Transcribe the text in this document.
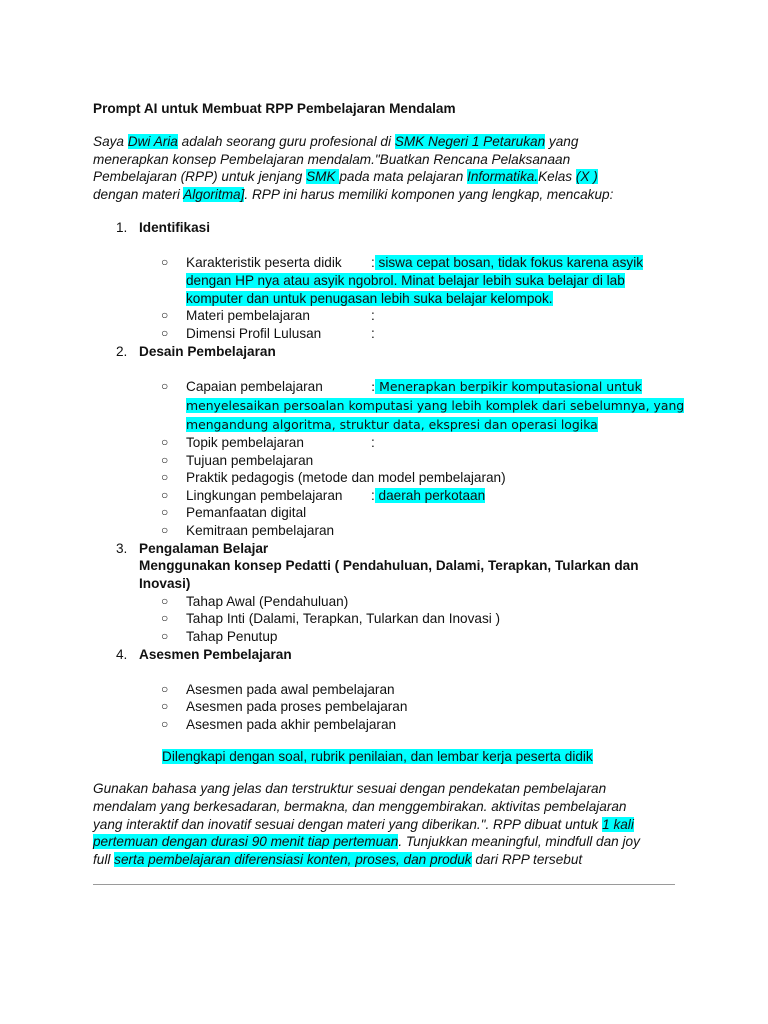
Prompt AI untuk Membuat RPP Pembelajaran Mendalam
Saya Dwi Aria adalah seorang guru profesional di SMK Negeri 1 Petarukan yang
menerapkan konsep Pembelajaran mendalam."Buatkan Rencana Pelaksanaan
Pembelajaran (RPP) untuk jenjang SMK pada mata pelajaran Informatika.Kelas (X )
dengan materi Algoritma]. RPP ini harus memiliki komponen yang lengkap, mencakup:
1. Identifikasi
○ Karakteristik peserta didik : siswa cepat bosan, tidak fokus karena asyik
dengan HP nya atau asyik ngobrol. Minat belajar lebih suka belajar di lab
komputer dan untuk penugasan lebih suka belajar kelompok.
○ Materi pembelajaran	:
○ Dimensi Profil Lulusan	:
2. Desain Pembelajaran
○ Capaian pembelajaran	: Menerapkan berpikir komputasional untuk
menyelesaikan persoalan komputasi yang lebih komplek dari sebelumnya, yang
mengandung algoritma, struktur data, ekspresi dan operasi logika
○ Topik pembelajaran	:
○ Tujuan pembelajaran
○ Praktik pedagogis (metode dan model pembelajaran)
○ Lingkungan pembelajaran : daerah perkotaan
○ Pemanfaatan digital
○ Kemitraan pembelajaran
3. Pengalaman Belajar
Menggunakan konsep Pedatti ( Pendahuluan, Dalami, Terapkan, Tularkan dan
Inovasi)
○ Tahap Awal (Pendahuluan)
○ Tahap Inti (Dalami, Terapkan, Tularkan dan Inovasi )
○ Tahap Penutup
4. Asesmen Pembelajaran
○ Asesmen pada awal pembelajaran
○ Asesmen pada proses pembelajaran
○ Asesmen pada akhir pembelajaran
Dilengkapi dengan soal, rubrik penilaian, dan lembar kerja peserta didik
Gunakan bahasa yang jelas dan terstruktur sesuai dengan pendekatan pembelajaran
mendalam yang berkesadaran, bermakna, dan menggembirakan. aktivitas pembelajaran
yang interaktif dan inovatif sesuai dengan materi yang diberikan.". RPP dibuat untuk 1 kali
pertemuan dengan durasi 90 menit tiap pertemuan. Tunjukkan meaningful, mindfull dan joy
full serta pembelajaran diferensiasi konten, proses, dan produk dari RPP tersebut
